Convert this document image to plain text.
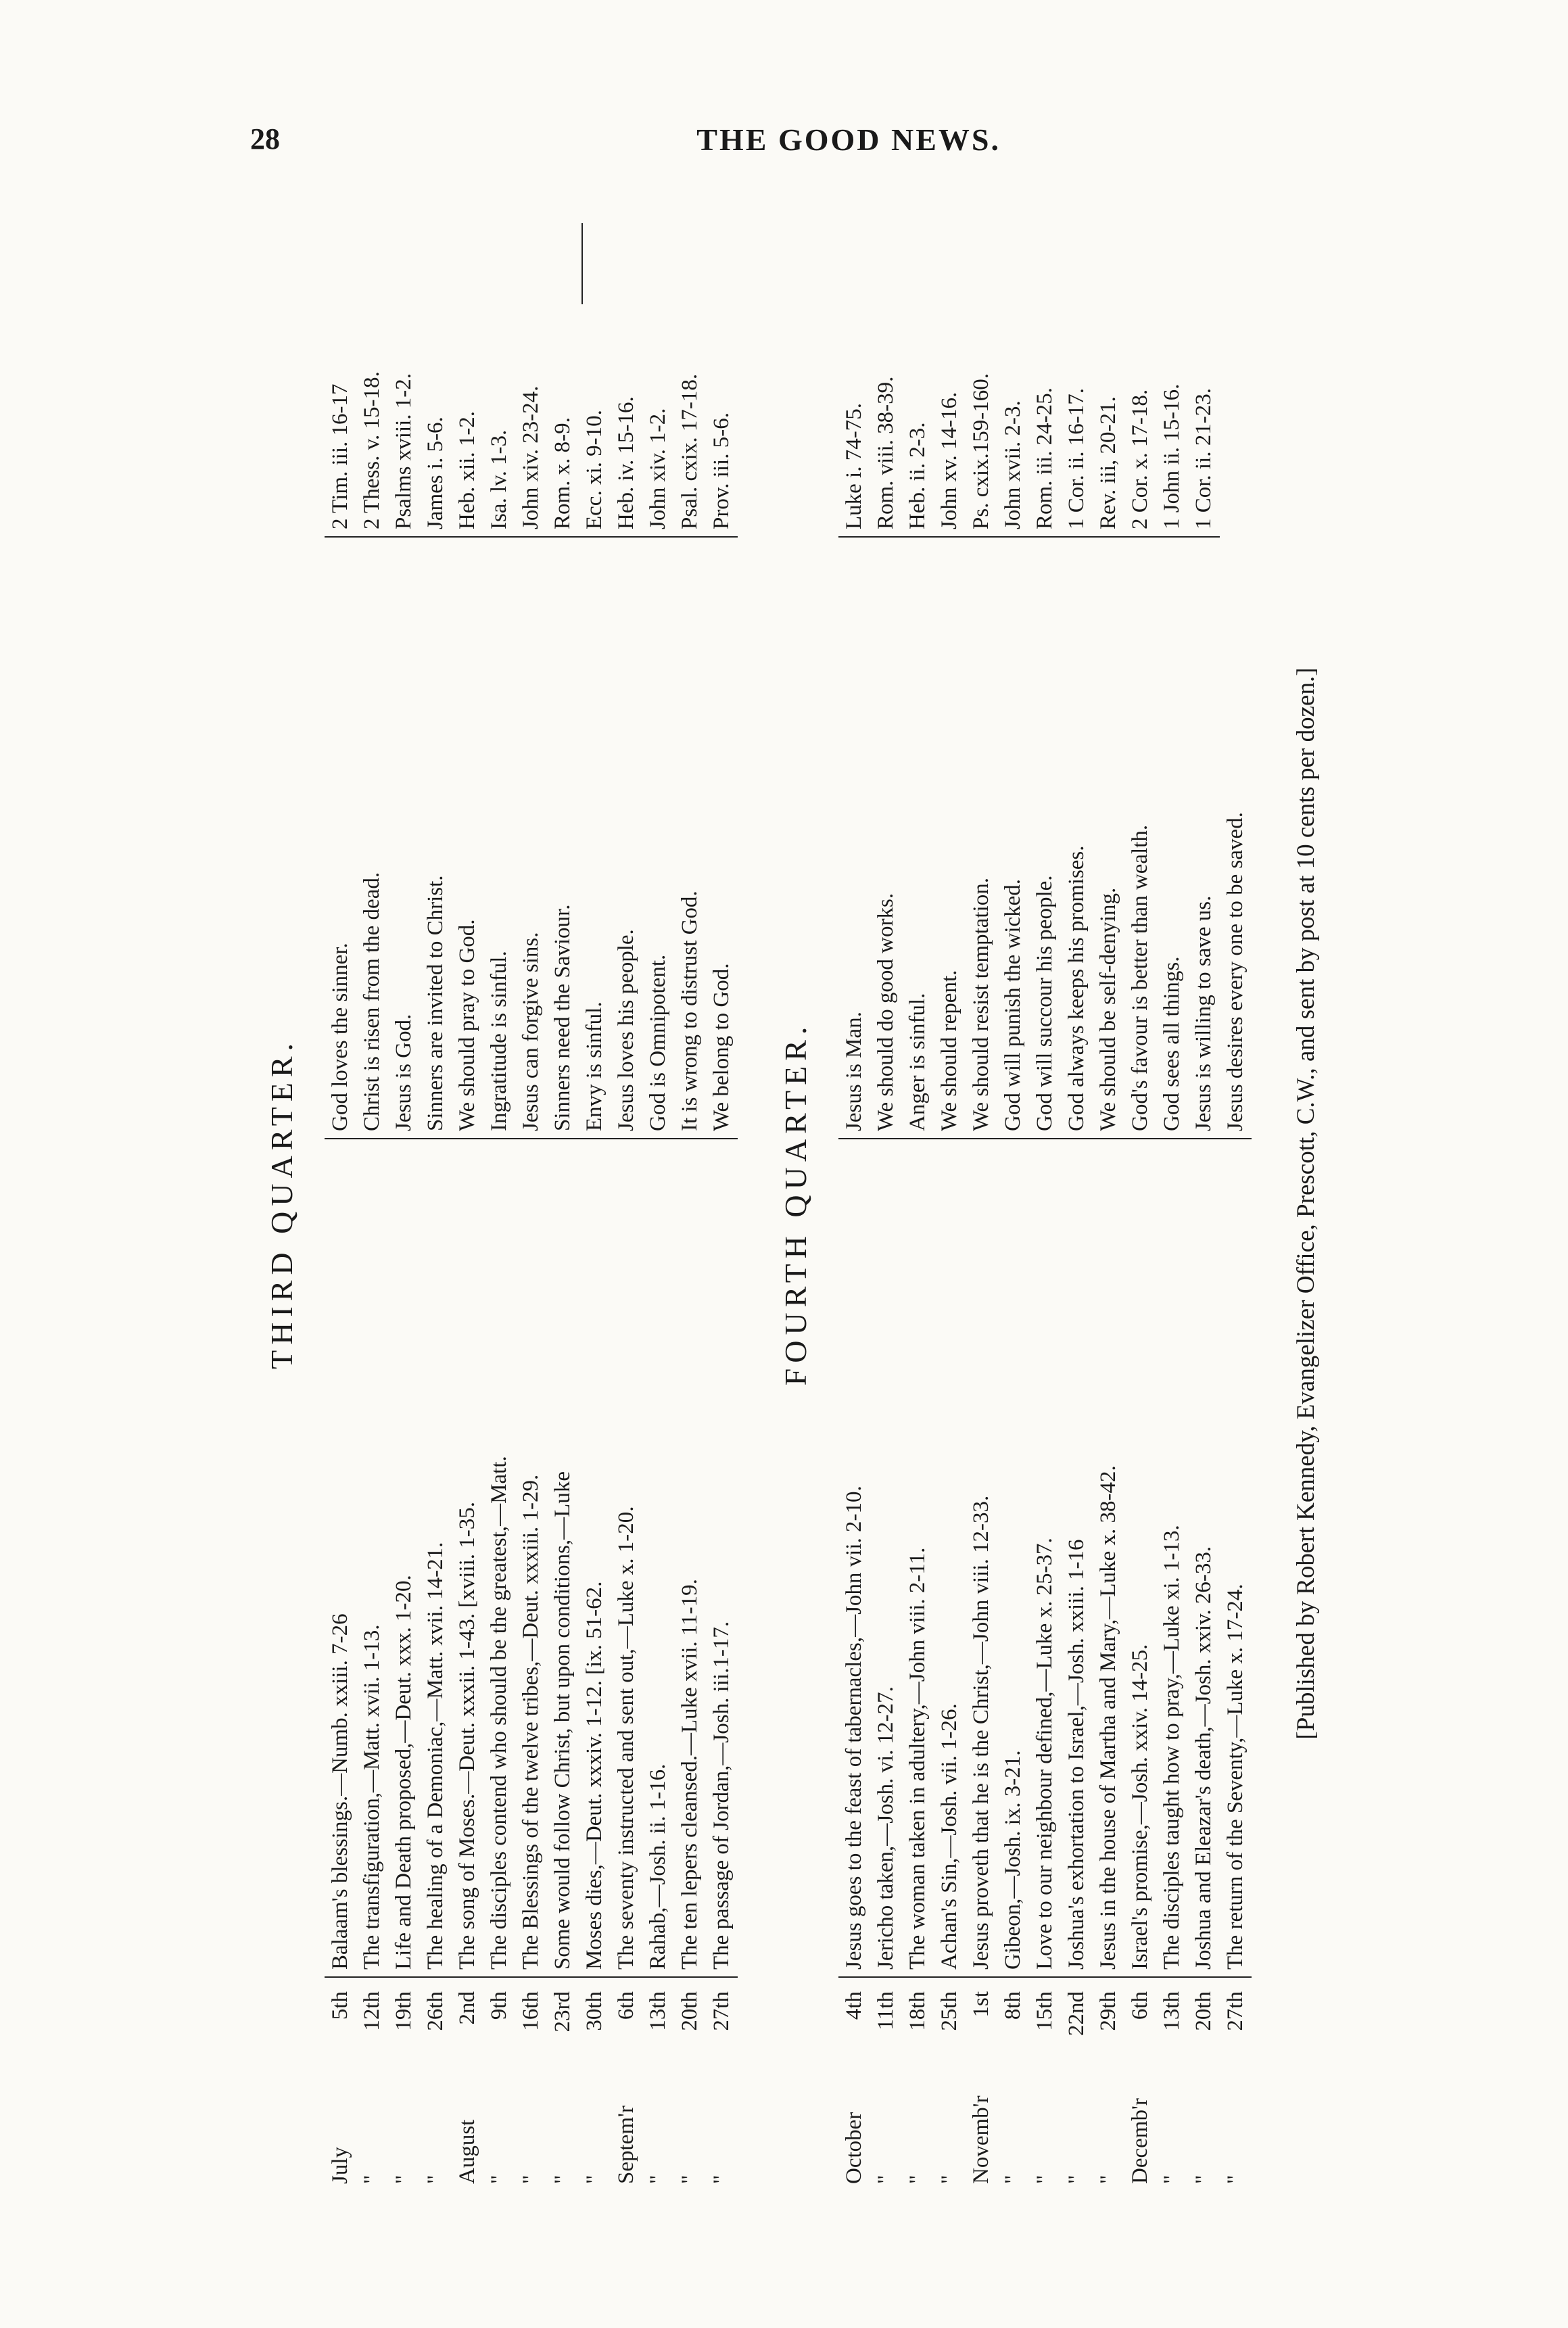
28	THE GOOD NEWS.
THIRD QUARTER.
July
5th
Balaam's blessings.—Numb. xxiii. 7-26
God loves the sinner.
2 Tim. iii. 16-17
"
12th
The transfiguration,—Matt. xvii. 1-13.
Christ is risen from the dead.
2 Thess. v. 15-18.
"
19th
Life and Death proposed,—Deut. xxx. 1-20.
Jesus is God.
Psalms xviii. 1-2.
"
26th
The healing of a Demoniac,—Matt. xvii. 14-21.
Sinners are invited to Christ.
James i. 5-6.
August
2nd
The song of Moses.—Deut. xxxii. 1-43. [xviii. 1-35.
We should pray to God.
Heb. xii. 1-2.
"
9th
The disciples contend who should be the greatest,—Matt.
Ingratitude is sinful.
Isa. lv. 1-3.
"
16th
The Blessings of the twelve tribes,—Deut. xxxiii. 1-29.
Jesus can forgive sins.
John xiv. 23-24.
"
23rd
Some would follow Christ, but upon conditions,—Luke
Sinners need the Saviour.
Rom. x. 8-9.
"
30th
Moses dies,—Deut. xxxiv. 1-12. [ix. 51-62.
Envy is sinful.
Ecc. xi. 9-10.
Septem'r
6th
The seventy instructed and sent out,—Luke x. 1-20.
Jesus loves his people.
Heb. iv. 15-16.
"
13th
Rahab,—Josh. ii. 1-16.
God is Omnipotent.
John xiv. 1-2.
"
20th
The ten lepers cleansed.—Luke xvii. 11-19.
It is wrong to distrust God.
Psal. cxix. 17-18.
"
27th
The passage of Jordan,—Josh. iii.1-17.
We belong to God.
Prov. iii. 5-6.
FOURTH QUARTER.
October
4th
Jesus goes to the feast of tabernacles,—John vii. 2-10.
Jesus is Man.
Luke i. 74-75.
"
11th
Jericho taken,—Josh. vi. 12-27.
We should do good works.
Rom. viii. 38-39.
"
18th
The woman taken in adultery,—John viii. 2-11.
Anger is sinful.
Heb. ii. 2-3.
"
25th
Achan's Sin,—Josh. vii. 1-26.
We should repent.
John xv. 14-16.
Novemb'r
1st
Jesus proveth that he is the Christ,—John viii. 12-33.
We should resist temptation.
Ps. cxix.159-160.
"
8th
Gibeon,—Josh. ix. 3-21.
God will punish the wicked.
John xvii. 2-3.
"
15th
Love to our neighbour defined,—Luke x. 25-37.
God will succour his people.
Rom. iii. 24-25.
"
22nd
Joshua's exhortation to Israel,—Josh. xxiii. 1-16
God always keeps his promises.
1 Cor. ii. 16-17.
"
29th
Jesus in the house of Martha and Mary,—Luke x. 38-42.
We should be self-denying.
Rev. iii, 20-21.
Decemb'r
6th
Israel's promise,—Josh. xxiv. 14-25.
God's favour is better than wealth.
2 Cor. x. 17-18.
"
13th
The disciples taught how to pray,—Luke xi. 1-13.
God sees all things.
1 John ii. 15-16.
"
20th
Joshua and Eleazar's death,—Josh. xxiv. 26-33.
Jesus is willing to save us.
1 Cor. ii. 21-23.
"
27th
The return of the Seventy,—Luke x. 17-24.
Jesus desires every one to be saved. [Published by Robert Kennedy, Evangelizer Office, Prescott, C.W., and sent by post at 10 cents per dozen.]
